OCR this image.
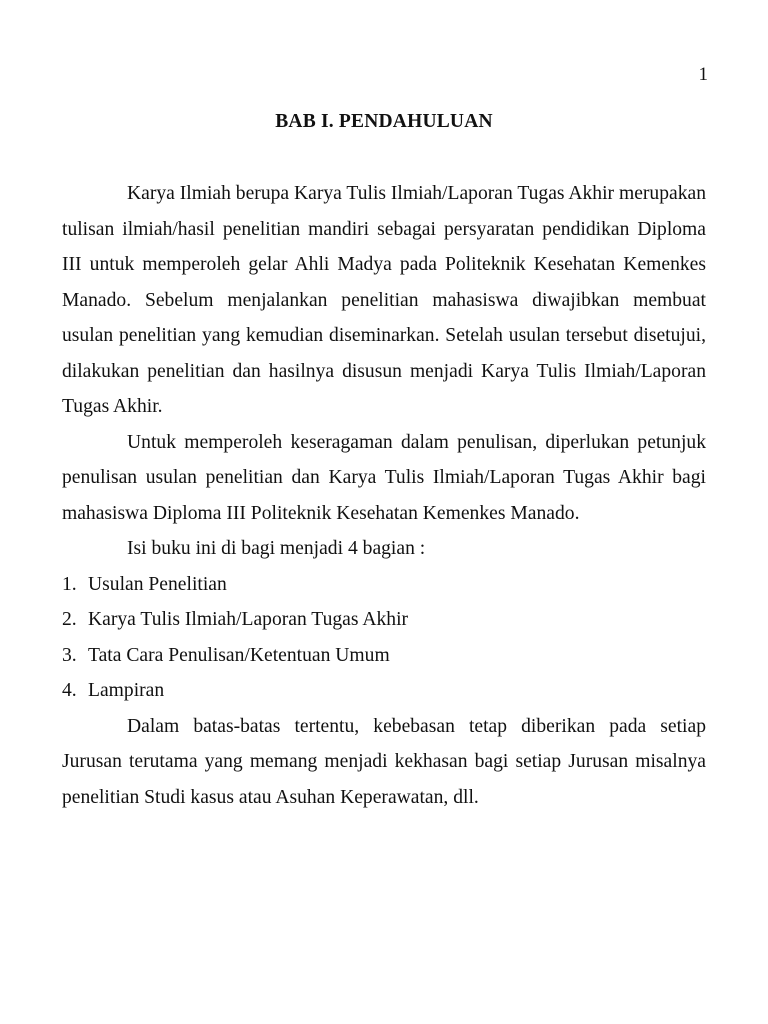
1
BAB I. PENDAHULUAN

Karya Ilmiah berupa Karya Tulis Ilmiah/Laporan Tugas Akhir merupakan tulisan ilmiah/hasil penelitian mandiri sebagai persyaratan pendidikan Diploma III untuk memperoleh gelar Ahli Madya pada Politeknik Kesehatan Kemenkes Manado. Sebelum menjalankan penelitian mahasiswa diwajibkan membuat usulan penelitian yang kemudian diseminarkan. Setelah usulan tersebut disetujui, dilakukan penelitian dan hasilnya disusun menjadi Karya Tulis Ilmiah/Laporan Tugas Akhir.

Untuk memperoleh keseragaman dalam penulisan, diperlukan petunjuk penulisan usulan penelitian dan Karya Tulis Ilmiah/Laporan Tugas Akhir bagi mahasiswa Diploma III Politeknik Kesehatan Kemenkes Manado.

Isi buku ini di bagi menjadi 4 bagian :

1. Usulan Penelitian
2. Karya Tulis Ilmiah/Laporan Tugas Akhir
3. Tata Cara Penulisan/Ketentuan Umum
4. Lampiran

Dalam batas-batas tertentu, kebebasan tetap diberikan pada setiap Jurusan terutama yang memang menjadi kekhasan bagi setiap Jurusan misalnya penelitian Studi kasus atau Asuhan Keperawatan, dll.
